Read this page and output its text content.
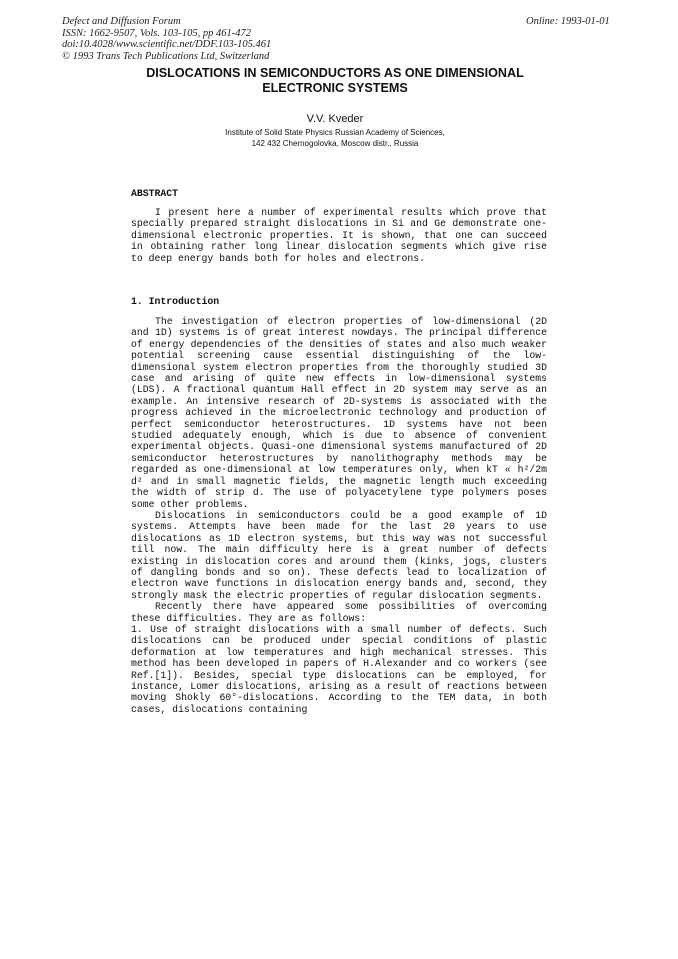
Defect and Diffusion Forum
ISSN: 1662-9507, Vols. 103-105, pp 461-472
doi:10.4028/www.scientific.net/DDF.103-105.461
© 1993 Trans Tech Publications Ltd, Switzerland
Online: 1993-01-01
DISLOCATIONS IN SEMICONDUCTORS AS ONE DIMENSIONAL
ELECTRONIC SYSTEMS
V.V. Kveder
Institute of Solid State Physics Russian Academy of Sciences,
142 432 Chernogolovka, Moscow distr., Russia
ABSTRACT

I present here a number of experimental results which prove that specially prepared straight dislocations in Si and Ge demonstrate one-dimensional electronic properties. It is shown, that one can succeed in obtaining rather long linear dislocation segments which give rise to deep energy bands both for holes and electrons.

1. Introduction

The investigation of electron properties of low-dimensional (2D and 1D) systems is of great interest nowdays. The principal difference of energy dependencies of the densities of states and also much weaker potential screening cause essential distinguishing of the low-dimensional system electron properties from the thoroughly studied 3D case and arising of quite new effects in low-dimensional systems (LDS). A fractional quantum Hall effect in 2D system may serve as an example. An intensive research of 2D-systems is associated with the progress achieved in the microelectronic technology and production of perfect semiconductor heterostructures. 1D systems have not been studied adequately enough, which is due to absence of convenient experimental objects. Quasi-one dimensional systems manufactured of 2D semiconductor heterostructures by nanolithography methods may be regarded as one-dimensional at low temperatures only, when kT « h²/2m d² and in small magnetic fields, the magnetic length much exceeding the width of strip d. The use of polyacetylene type polymers poses some other problems.

Dislocations in semiconductors could be a good example of 1D systems. Attempts have been made for the last 20 years to use dislocations as 1D electron systems, but this way was not successful till now. The main difficulty here is a great number of defects existing in dislocation cores and around them (kinks, jogs, clusters of dangling bonds and so on). These defects lead to localization of electron wave functions in dislocation energy bands and, second, they strongly mask the electric properties of regular dislocation segments.

Recently there have appeared some possibilities of overcoming these difficulties. They are as follows:

1. Use of straight dislocations with a small number of defects. Such dislocations can be produced under special conditions of plastic deformation at low temperatures and high mechanical stresses. This method has been developed in papers of H.Alexander and co workers (see Ref.[1]). Besides, special type dislocations can be employed, for instance, Lomer dislocations, arising as a result of reactions between moving Shokly 60°-dislocations. According to the TEM data, in both cases, dislocations containing
